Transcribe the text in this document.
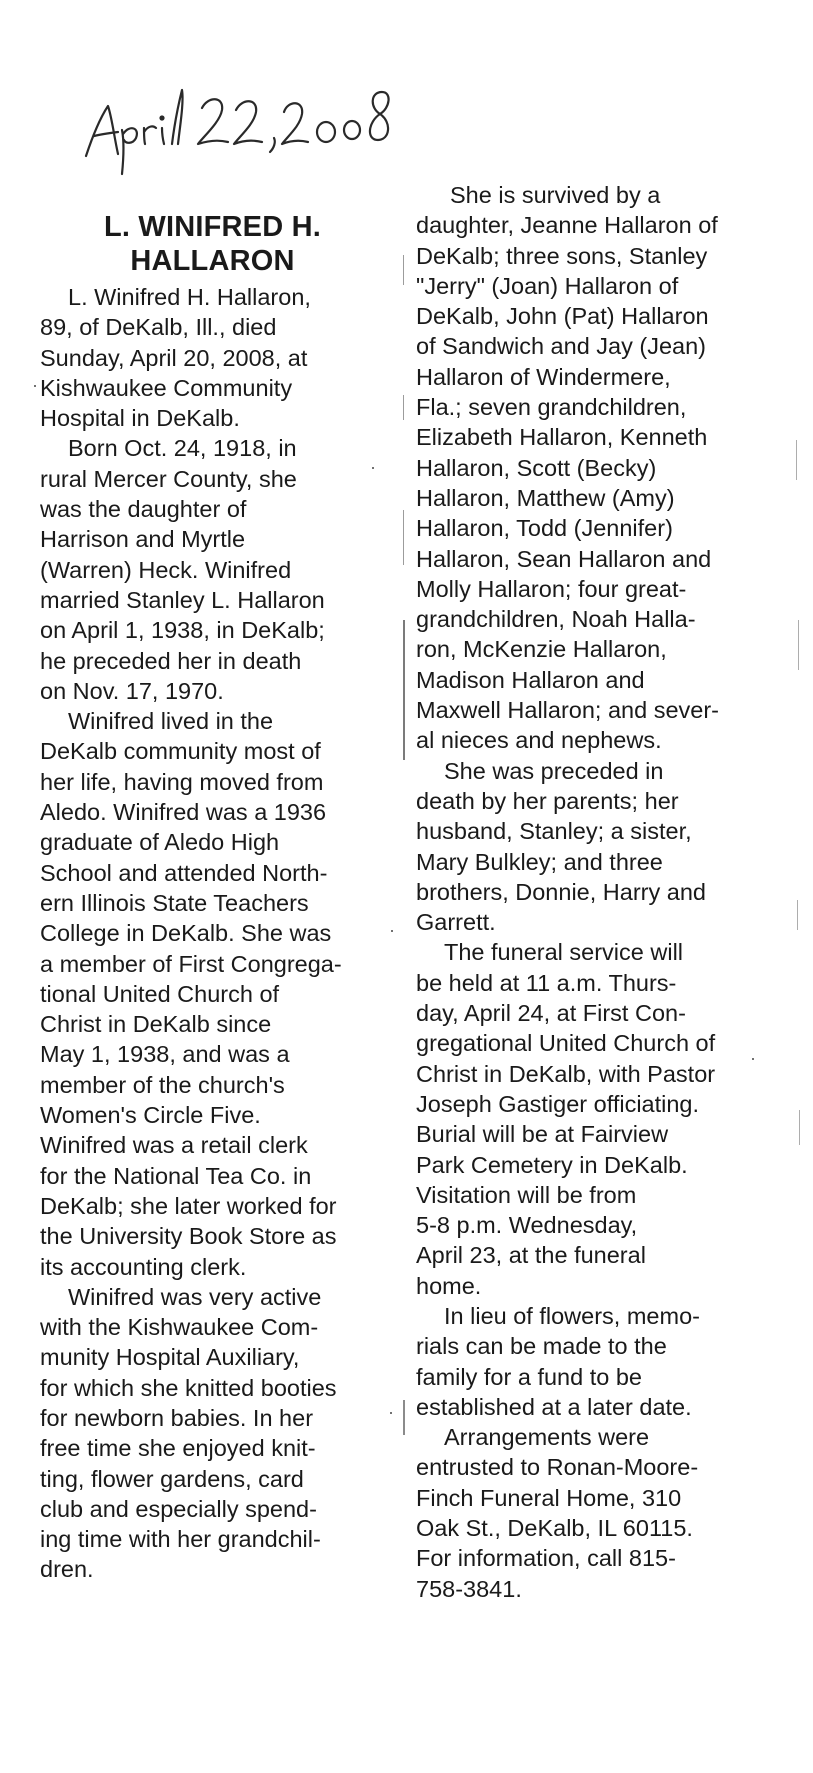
L. WINIFRED H.
HALLARON

L. Winifred H. Hallaron,
89, of DeKalb, Ill., died
Sunday, April 20, 2008, at
Kishwaukee Community
Hospital in DeKalb.

Born Oct. 24, 1918, in
rural Mercer County, she
was the daughter of
Harrison and Myrtle
(Warren) Heck. Winifred
married Stanley L. Hallaron
on April 1, 1938, in DeKalb;
he preceded her in death
on Nov. 17, 1970.

Winifred lived in the
DeKalb community most of
her life, having moved from
Aledo. Winifred was a 1936
graduate of Aledo High
School and attended North-
ern Illinois State Teachers
College in DeKalb. She was
a member of First Congrega-
tional United Church of
Christ in DeKalb since
May 1, 1938, and was a
member of the church's
Women's Circle Five.
Winifred was a retail clerk
for the National Tea Co. in
DeKalb; she later worked for
the University Book Store as
its accounting clerk.

Winifred was very active
with the Kishwaukee Com-
munity Hospital Auxiliary,
for which she knitted booties
for newborn babies. In her
free time she enjoyed knit-
ting, flower gardens, card
club and especially spend-
ing time with her grandchil-
dren.

She is survived by a
daughter, Jeanne Hallaron of
DeKalb; three sons, Stanley
"Jerry" (Joan) Hallaron of
DeKalb, John (Pat) Hallaron
of Sandwich and Jay (Jean)
Hallaron of Windermere,
Fla.; seven grandchildren,
Elizabeth Hallaron, Kenneth
Hallaron, Scott (Becky)
Hallaron, Matthew (Amy)
Hallaron, Todd (Jennifer)
Hallaron, Sean Hallaron and
Molly Hallaron; four great-
grandchildren, Noah Halla-
ron, McKenzie Hallaron,
Madison Hallaron and
Maxwell Hallaron; and sever-
al nieces and nephews.

She was preceded in
death by her parents; her
husband, Stanley; a sister,
Mary Bulkley; and three
brothers, Donnie, Harry and
Garrett.

The funeral service will
be held at 11 a.m. Thurs-
day, April 24, at First Con-
gregational United Church of
Christ in DeKalb, with Pastor
Joseph Gastiger officiating.
Burial will be at Fairview
Park Cemetery in DeKalb.
Visitation will be from
5-8 p.m. Wednesday,
April 23, at the funeral
home.

In lieu of flowers, memo-
rials can be made to the
family for a fund to be
established at a later date.

Arrangements were
entrusted to Ronan-Moore-
Finch Funeral Home, 310
Oak St., DeKalb, IL 60115.
For information, call 815-
758-3841.
